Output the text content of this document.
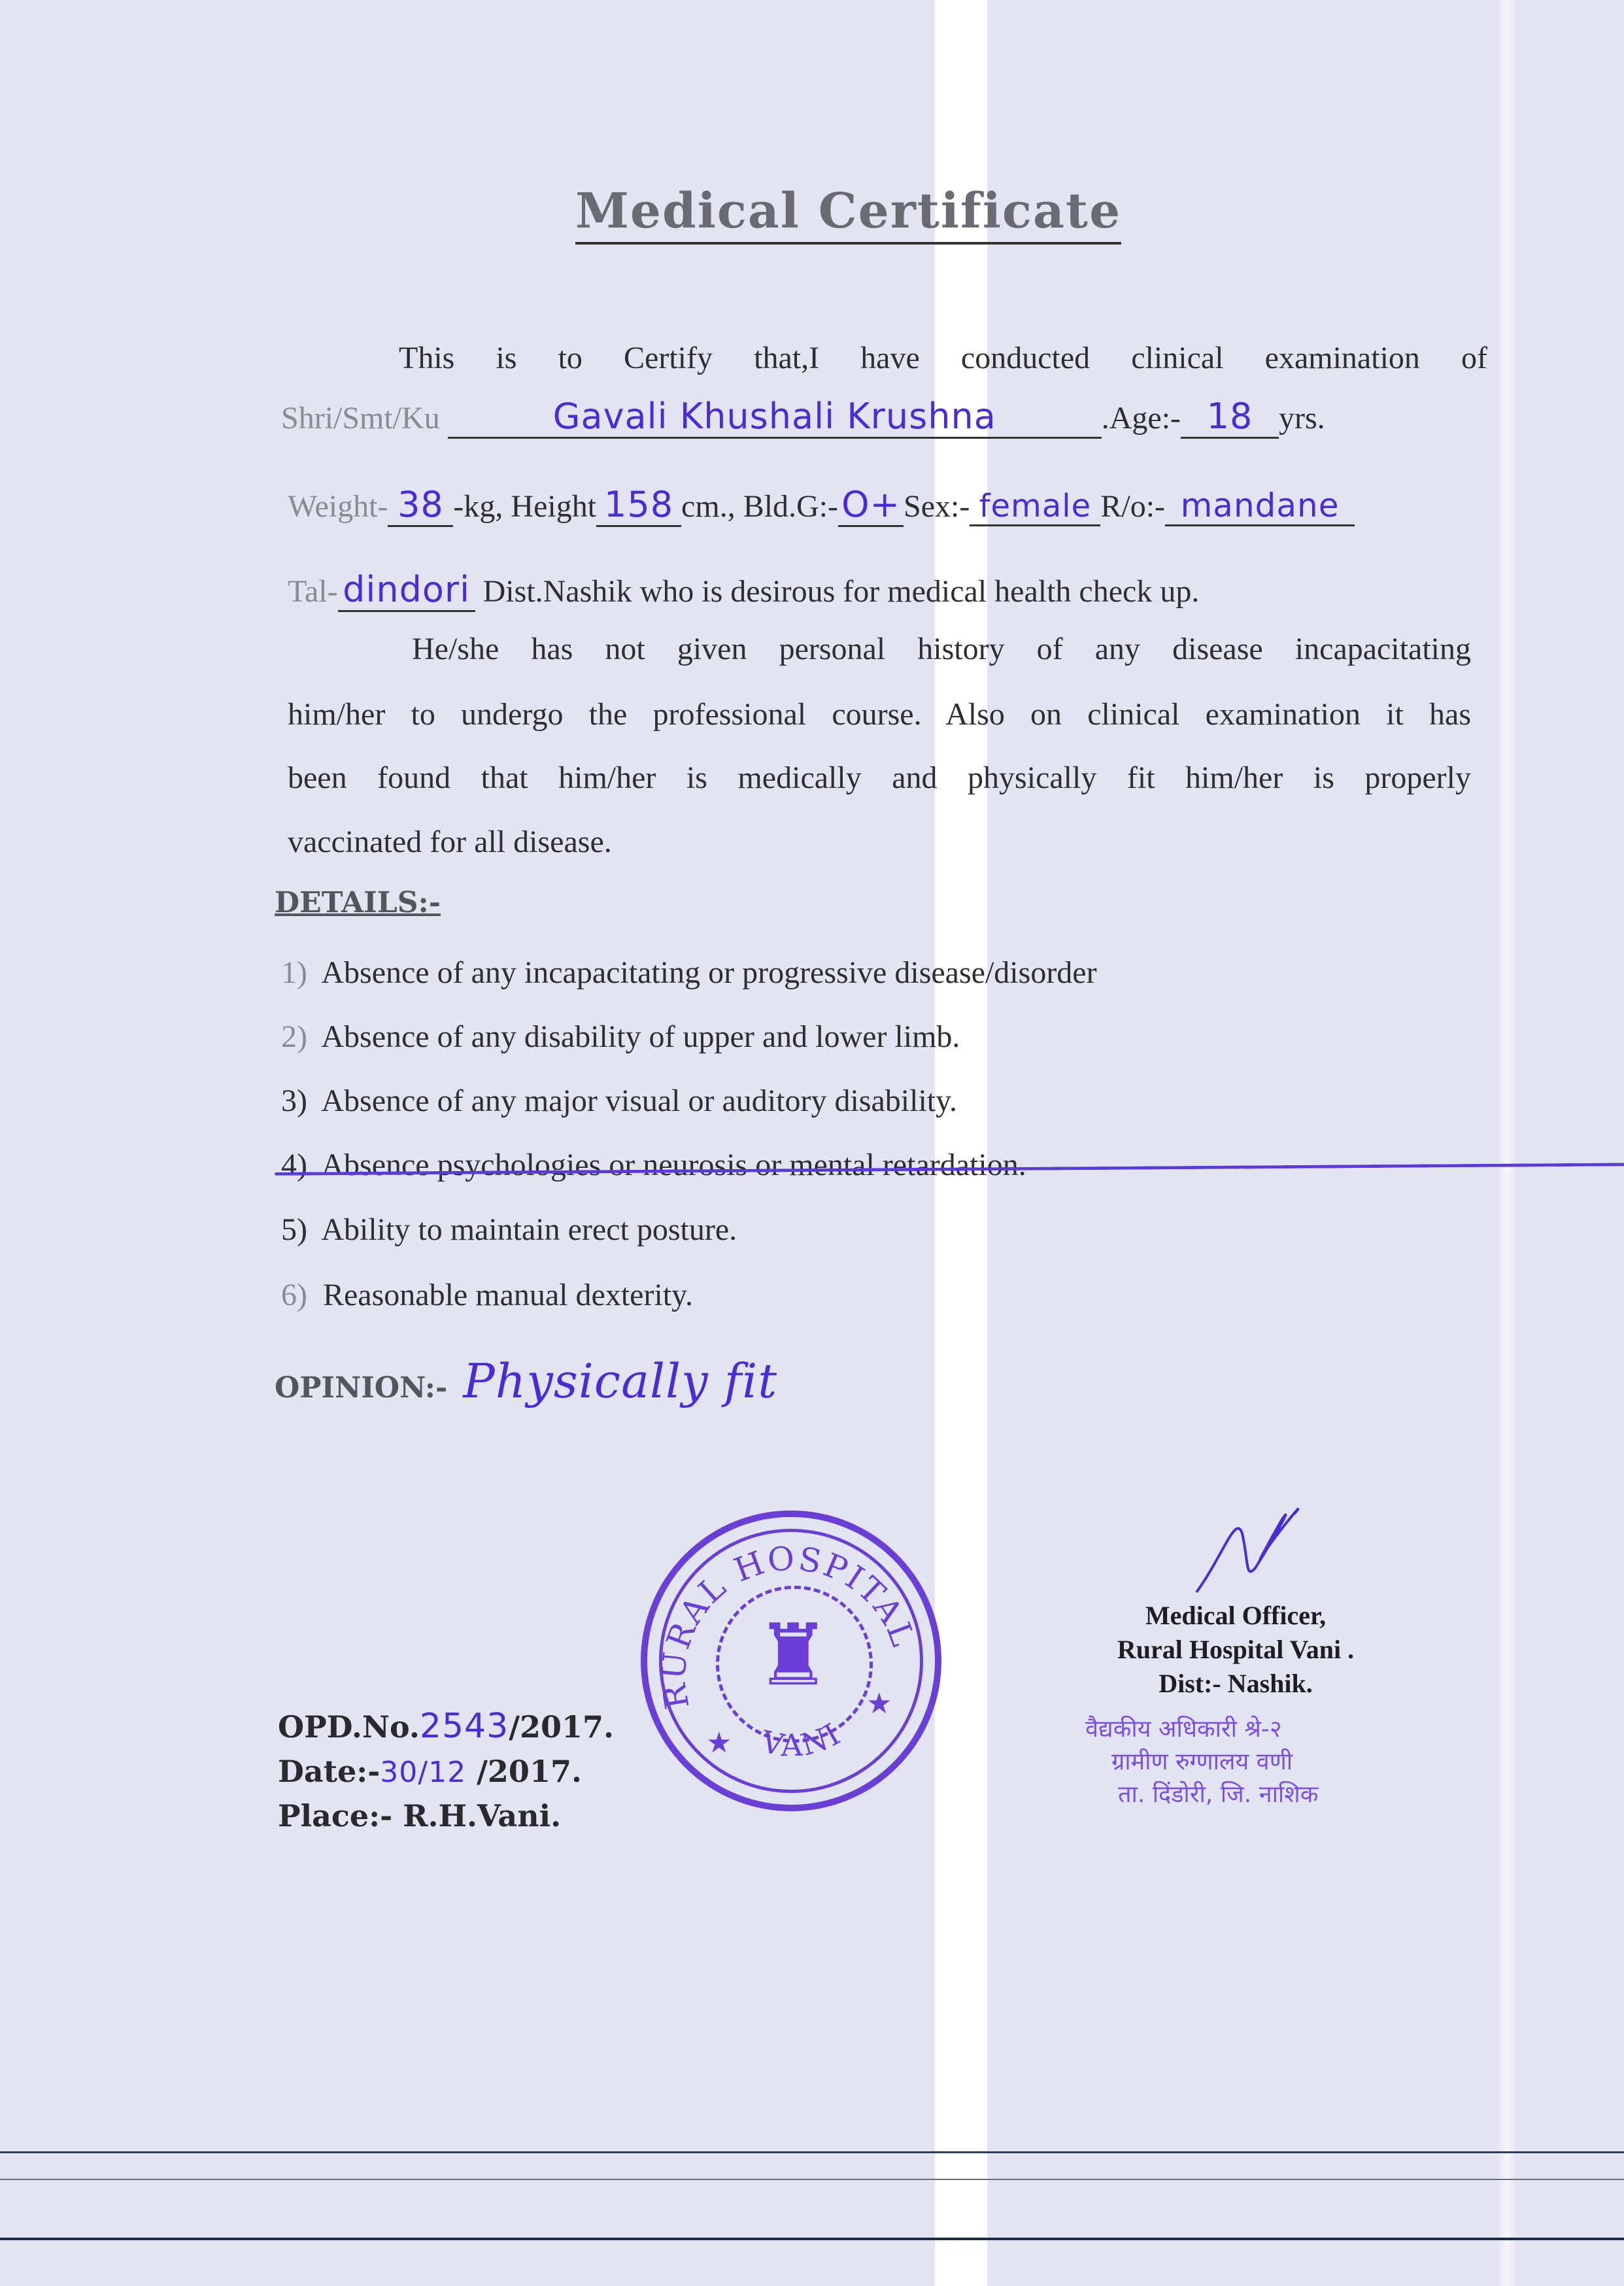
Medical Certificate
This is to Certify that,I have conducted clinical examination of
Shri/Smt/Ku	Gavali Khushali Krushna	.Age:- 18 yrs.
Weight- 38 -kg, Height 158 cm., Bld.G:-O+ Sex:- female R/o:- mandane
Tal- dindori Dist.Nashik who is desirous for medical health check up.
He/she has not given personal history of any disease incapacitating
him/her to undergo the professional course. Also on clinical examination it has
been found that him/her is medically and physically fit him/her is properly
vaccinated for all disease.
DETAILS:-
1) Absence of any incapacitating or progressive disease/disorder
2) Absence of any disability of upper and lower limb.
3) Absence of any major visual or auditory disability.
4) Absence psychologies or neurosis or mental retardation.
5) Ability to maintain erect posture.
6) Reasonable manual dexterity.
OPINION:- Physically fit
♜
RURAL HOSPITAL
VANI
★
★
OPD.No.2543/2017.
Date:-30/12 /2017.
Place:- R.H.Vani.
Medical Officer,
Rural Hospital Vani .
Dist:- Nashik.
वैद्यकीय अधिकारी श्रे-२
ग्रामीण रुग्णालय वणी
ता. दिंडोरी, जि. नाशिक
